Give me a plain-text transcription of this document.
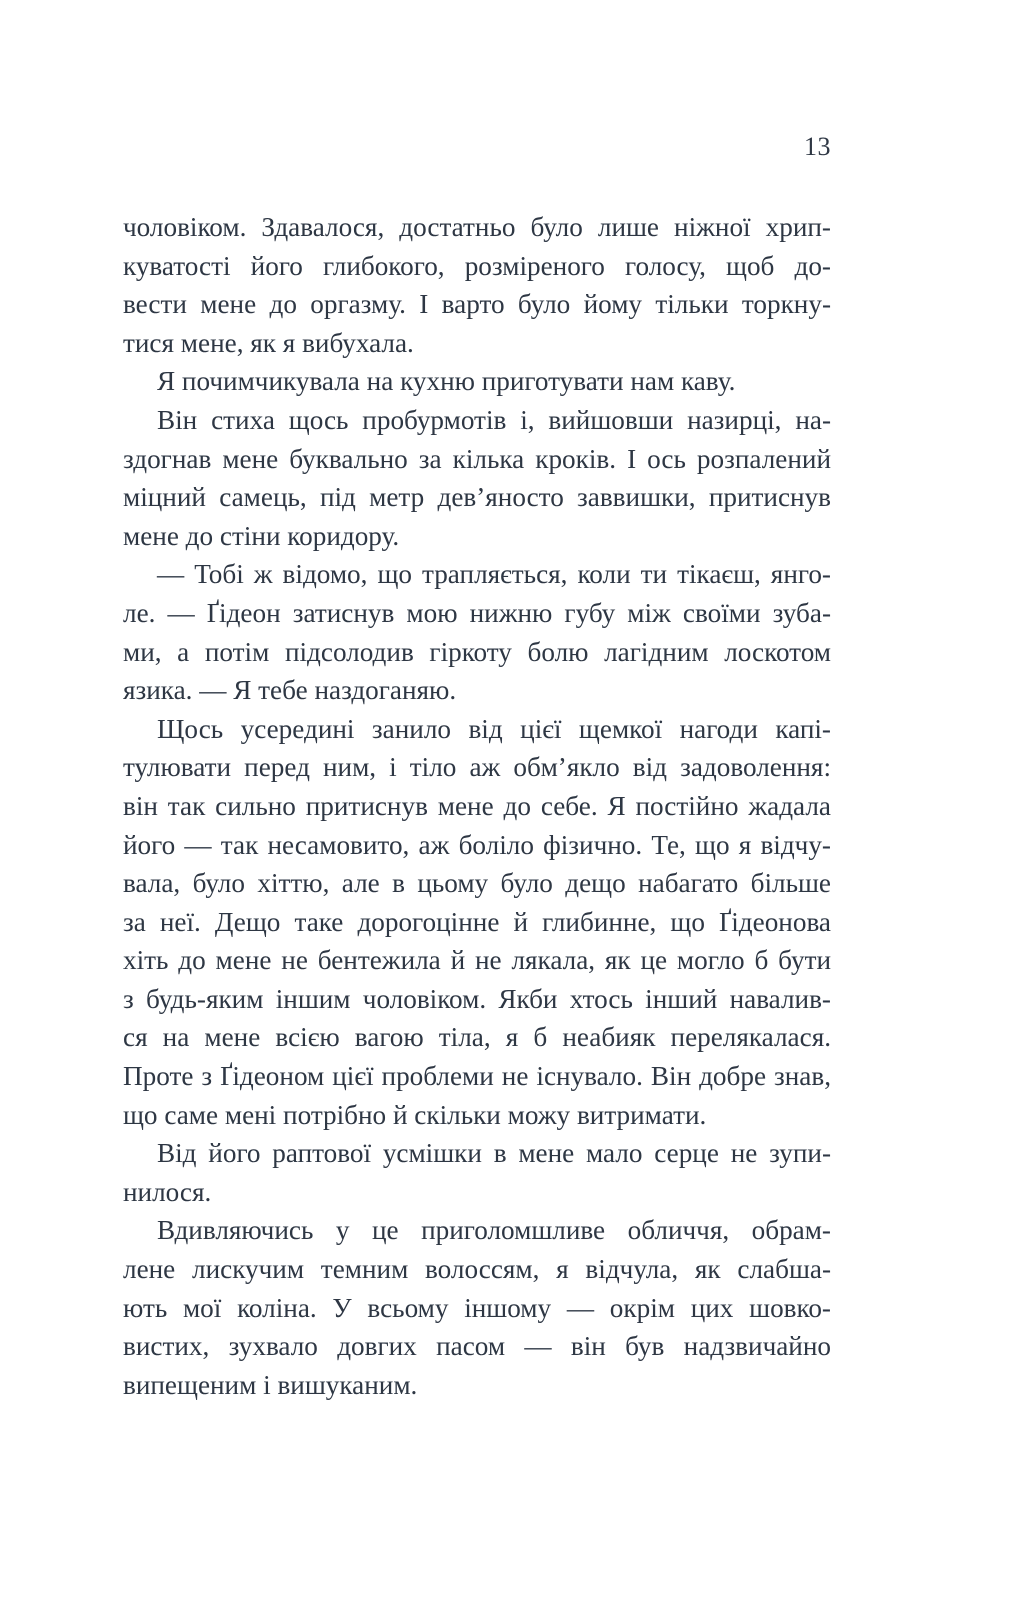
13
чоловіком. Здавалося, достатньо було лише ніжної хрип-
куватості його глибокого, розміреного голосу, щоб до-
вести мене до оргазму. І варто було йому тільки торкну-
тися мене, як я вибухала.
Я почимчикувала на кухню приготувати нам каву.
Він стиха щось пробурмотів і, вийшовши назирці, на-
здогнав мене буквально за кілька кроків. І ось розпалений
міцний самець, під метр дев’яносто заввишки, притиснув
мене до стіни коридору.
— Тобі ж відомо, що трапляється, коли ти тікаєш, янго-
ле. — Ґідеон затиснув мою нижню губу між своїми зуба-
ми, а потім підсолодив гіркоту болю лагідним лоскотом
язика. — Я тебе наздоганяю.
Щось усередині занило від цієї щемкої нагоди капі-
тулювати перед ним, і тіло аж обм’якло від задоволення:
він так сильно притиснув мене до себе. Я постійно жадала
його — так несамовито, аж боліло фізично. Те, що я відчу-
вала, було хіттю, але в цьому було дещо набагато більше
за неї. Дещо таке дорогоцінне й глибинне, що Ґідеонова
хіть до мене не бентежила й не лякала, як це могло б бути
з будь-яким іншим чоловіком. Якби хтось інший навалив-
ся на мене всією вагою тіла, я б неабияк перелякалася.
Проте з Ґідеоном цієї проблеми не існувало. Він добре знав,
що саме мені потрібно й скільки можу витримати.
Від його раптової усмішки в мене мало серце не зупи-
нилося.
Вдивляючись у це приголомшливе обличчя, обрам-
лене лискучим темним волоссям, я відчула, як слабша-
ють мої коліна. У всьому іншому — окрім цих шовко-
вистих, зухвало довгих пасом — він був надзвичайно
випещеним і вишуканим.
